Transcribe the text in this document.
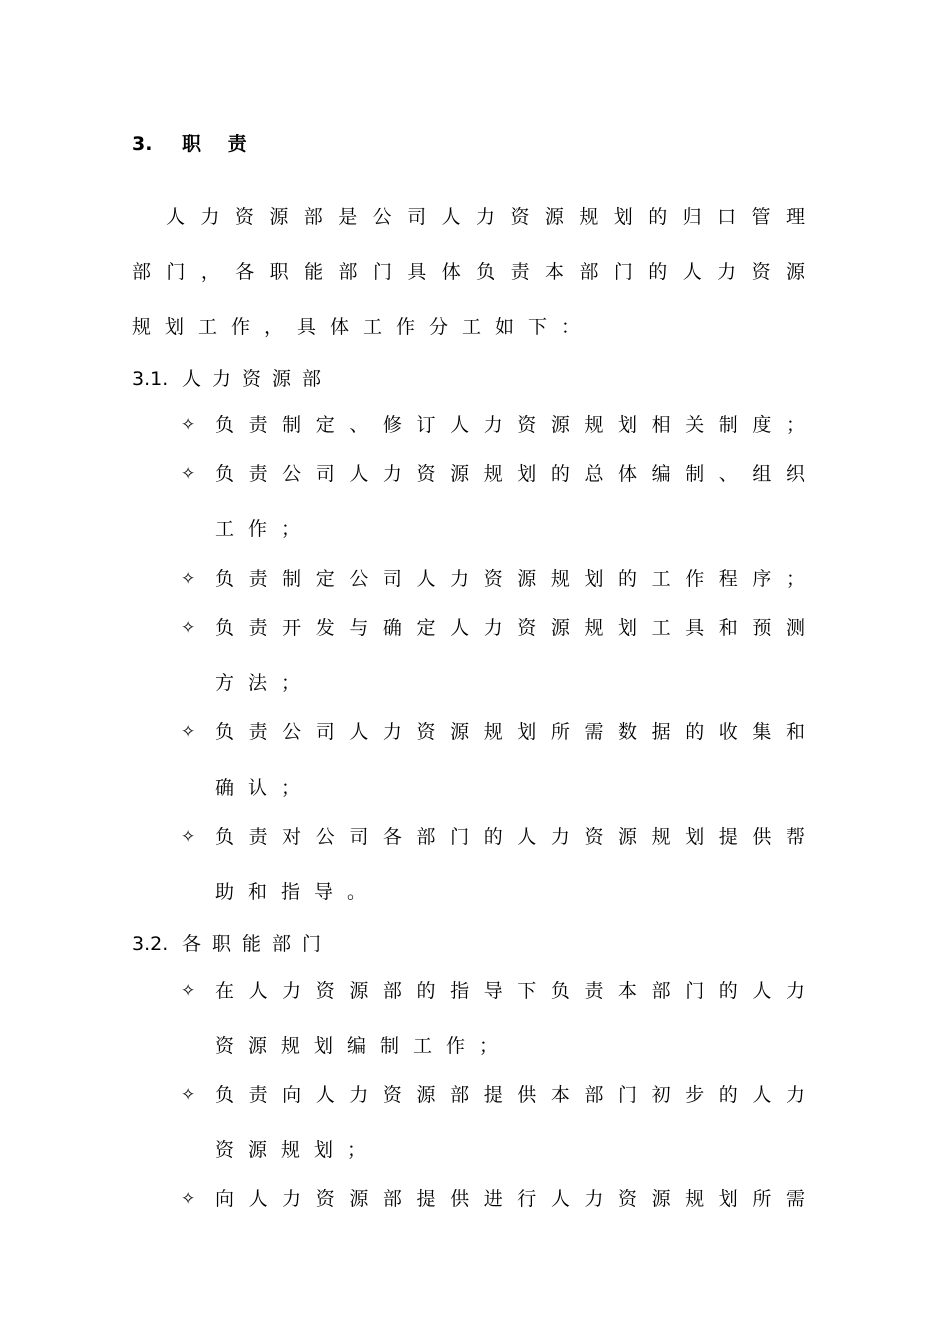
3. 职 责
人 力 资 源 部 是 公 司 人 力 资 源 规 划 的 归 口 管 理
部 门 ， 各 职 能 部 门 具 体 负 责 本 部 门 的 人 力 资 源
规划工作，具体工作分工如下：
3.1. 人力资源部
✧ 负 责 制 定 、 修 订 人 力 资 源 规 划 相 关 制 度 ；
✧ 负 责 公 司 人 力 资 源 规 划 的 总 体 编 制 、 组 织
工作；
✧ 负 责 制 定 公 司 人 力 资 源 规 划 的 工 作 程 序 ；
✧ 负 责 开 发 与 确 定 人 力 资 源 规 划 工 具 和 预 测
方法；
✧ 负 责 公 司 人 力 资 源 规 划 所 需 数 据 的 收 集 和
确认；
✧ 负 责 对 公 司 各 部 门 的 人 力 资 源 规 划 提 供 帮
助和指导。
3.2. 各职能部门
✧ 在 人 力 资 源 部 的 指 导 下 负 责 本 部 门 的 人 力
资源规划编制工作；
✧ 负 责 向 人 力 资 源 部 提 供 本 部 门 初 步 的 人 力
资源规划；
✧ 向 人 力 资 源 部 提 供 进 行 人 力 资 源 规 划 所 需
